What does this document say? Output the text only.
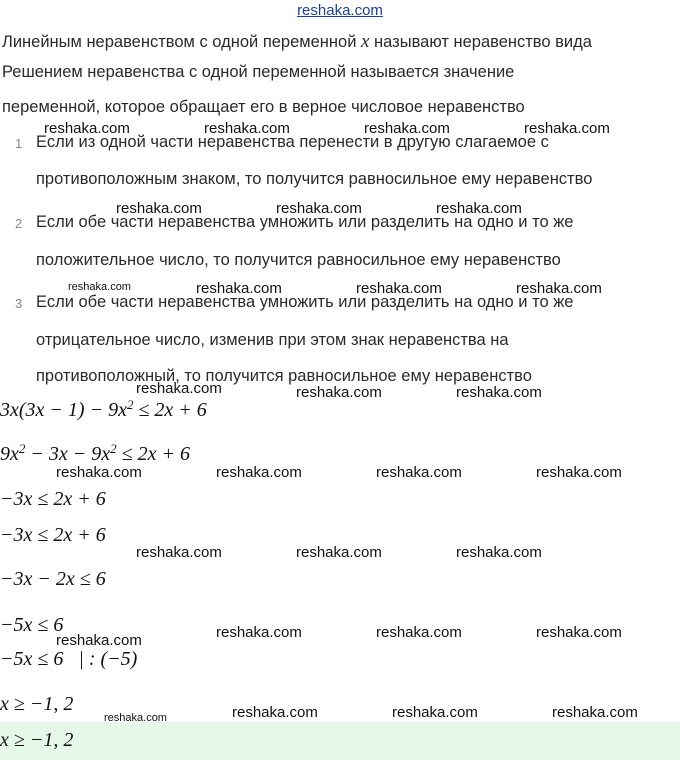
reshaka.com
Линейным неравенством с одной переменной x называют неравенство вида
Решением неравенства с одной переменной называется значение
переменной, которое обращает его в верное числовое неравенство
1 Если из одной части неравенства перенести в другую слагаемое с
противоположным знаком, то получится равносильное ему неравенство
2 Если обе части неравенства умножить или разделить на одно и то же
положительное число, то получится равносильное ему неравенство
3 Если обе части неравенства умножить или разделить на одно и то же
отрицательное число, изменив при этом знак неравенства на
противоположный, то получится равносильное ему неравенство
$3x(3x - 1) - 9x^2 \le 2x + 6$
$9x^2 - 3x - 9x^2 \le 2x + 6$
−3x ≤ 2x + 6
−3x ≤ 2x + 6
−3x − 2x ≤ 6
−5x ≤ 6
−5x ≤ 6   | : (−5)
x ≥ −1, 2
x ≥ −1, 2
reshaka.com	reshaka.com	reshaka.com	reshaka.com
reshaka.com	reshaka.com	reshaka.com
reshaka.com	reshaka.com	reshaka.com	reshaka.com
reshaka.com	reshaka.com	reshaka.com
reshaka.com	reshaka.com	reshaka.com	reshaka.com
reshaka.com	reshaka.com	reshaka.com
reshaka.com	reshaka.com	reshaka.com	reshaka.com
reshaka.com	reshaka.com	reshaka.com	reshaka.com
